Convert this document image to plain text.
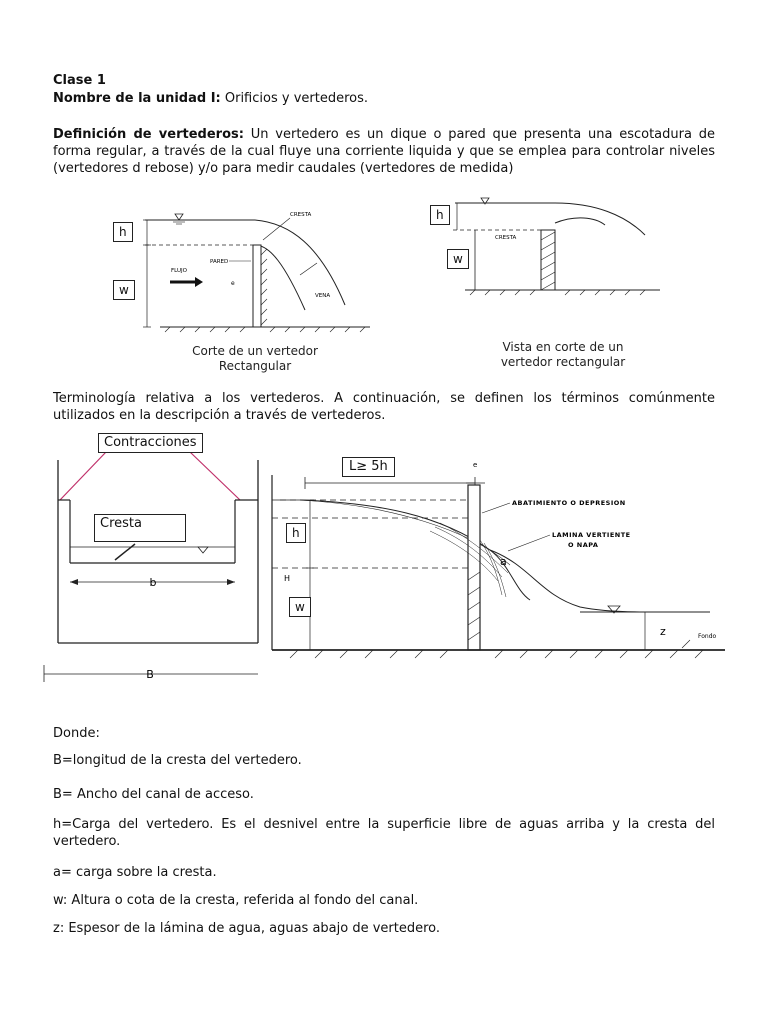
Clase 1
Nombre de la unidad I: Orificios y vertederos.
Definición de vertederos: Un vertedero es un dique o pared que presenta una escotadura de forma regular, a través de la cual fluye una corriente liquida y que se emplea para controlar niveles (vertedores d rebose) y/o para medir caudales (vertedores de medida)
FLUJO
PARED
CRESTA
VENA
e
h
w
Corte de un vertedor
Rectangular
CRESTA
h
w
Vista en corte de un
vertedor rectangular
Terminología relativa a los vertederos. A continuación, se definen los términos comúnmente utilizados en la descripción a través de vertederos.
b
B
Contracciones
Cresta
e
H
z	Fondo
ABATIMIENTO O DEPRESION
LAMINA VERTIENTE
O NAPA
a
L≥ 5h
h
w
Donde:
B=longitud de la cresta del vertedero.
B= Ancho del canal de acceso.
h=Carga del vertedero. Es el desnivel entre la superficie libre de aguas arriba y la cresta del vertedero.
a= carga sobre la cresta.
w: Altura o cota de la cresta, referida al fondo del canal.
z: Espesor de la lámina de agua, aguas abajo de vertedero.
